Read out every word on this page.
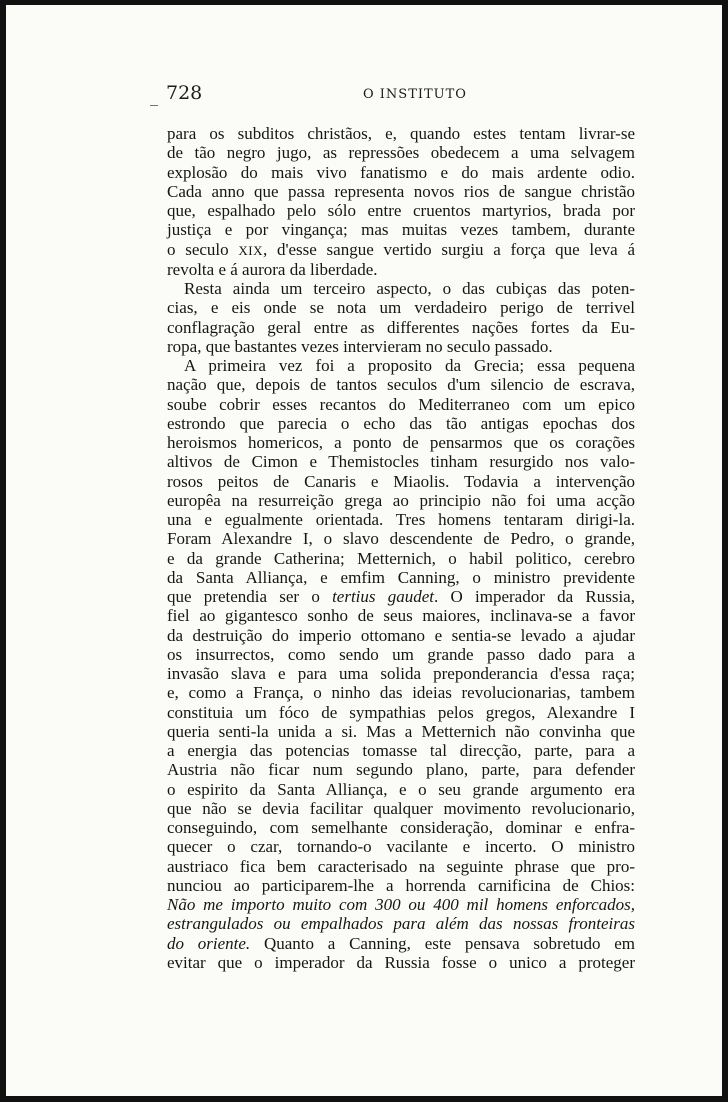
_ 728	O INSTITUTO

para os subditos christãos, e, quando estes tentam livrar-se
de tão negro jugo, as repressões obedecem a uma selvagem
explosão do mais vivo fanatismo e do mais ardente odio.
Cada anno que passa representa novos rios de sangue christão
que, espalhado pelo sólo entre cruentos martyrios, brada por
justiça e por vingança; mas muitas vezes tambem, durante
o seculo XIX, d'esse sangue vertido surgiu a força que leva á
revolta e á aurora da liberdade.

Resta ainda um terceiro aspecto, o das cubiças das poten-
cias, e eis onde se nota um verdadeiro perigo de terrivel
conflagração geral entre as differentes nações fortes da Eu-
ropa, que bastantes vezes intervieram no seculo passado.

A primeira vez foi a proposito da Grecia; essa pequena
nação que, depois de tantos seculos d'um silencio de escrava,
soube cobrir esses recantos do Mediterraneo com um epico
estrondo que parecia o echo das tão antigas epochas dos
heroismos homericos, a ponto de pensarmos que os corações
altivos de Cimon e Themistocles tinham resurgido nos valo-
rosos peitos de Canaris e Miaolis. Todavia a intervenção
europêa na resurreição grega ao principio não foi uma acção
una e egualmente orientada. Tres homens tentaram dirigi-la.
Foram Alexandre I, o slavo descendente de Pedro, o grande,
e da grande Catherina; Metternich, o habil politico, cerebro
da Santa Alliança, e emfim Canning, o ministro previdente
que pretendia ser o tertius gaudet. O imperador da Russia,
fiel ao gigantesco sonho de seus maiores, inclinava-se a favor
da destruição do imperio ottomano e sentia-se levado a ajudar
os insurrectos, como sendo um grande passo dado para a
invasão slava e para uma solida preponderancia d'essa raça;
e, como a França, o ninho das ideias revolucionarias, tambem
constituia um fóco de sympathias pelos gregos, Alexandre I
queria senti-la unida a si. Mas a Metternich não convinha que
a energia das potencias tomasse tal direcção, parte, para a
Austria não ficar num segundo plano, parte, para defender
o espirito da Santa Alliança, e o seu grande argumento era
que não se devia facilitar qualquer movimento revolucionario,
conseguindo, com semelhante consideração, dominar e enfra-
quecer o czar, tornando-o vacilante e incerto. O ministro
austriaco fica bem caracterisado na seguinte phrase que pro-
nunciou ao participarem-lhe a horrenda carnificina de Chios:
Não me importo muito com 300 ou 400 mil homens enforcados,
estrangulados ou empalhados para além das nossas fronteiras
do oriente. Quanto a Canning, este pensava sobretudo em
evitar que o imperador da Russia fosse o unico a proteger
